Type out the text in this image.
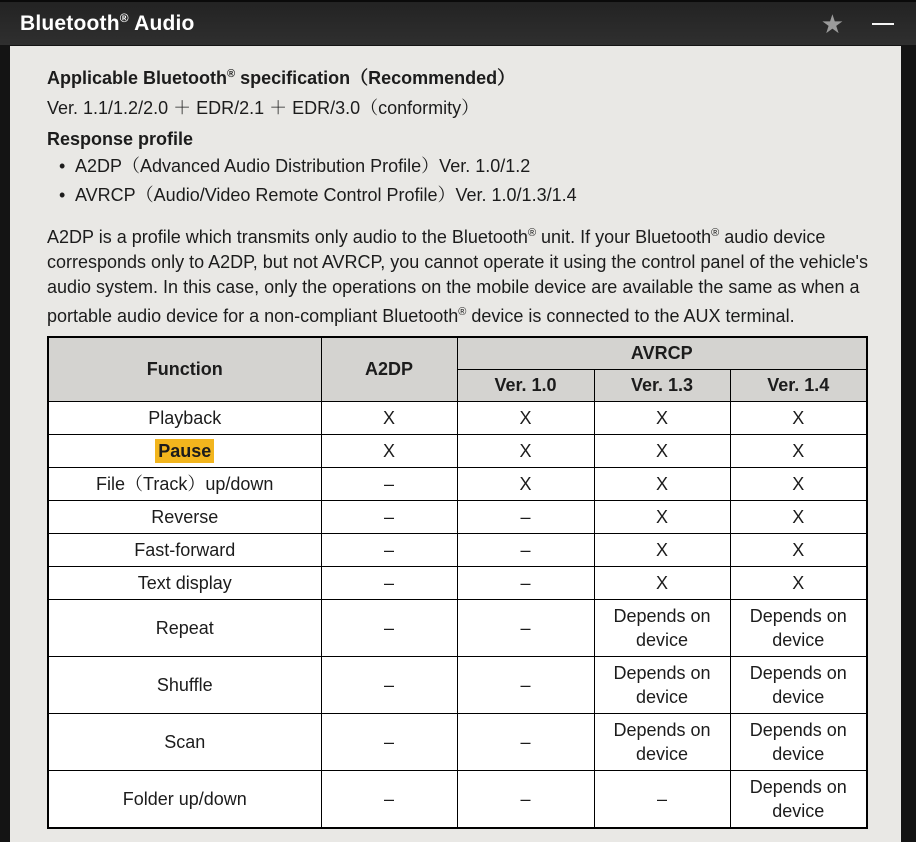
Bluetooth® Audio	★

Applicable Bluetooth® specification（Recommended）

Ver. 1.1/1.2/2.0 ＋ EDR/2.1 ＋ EDR/3.0（conformity）

Response profile

• A2DP（Advanced Audio Distribution Profile）Ver. 1.0/1.2
• AVRCP（Audio/Video Remote Control Profile）Ver. 1.0/1.3/1.4

A2DP is a profile which transmits only audio to the Bluetooth® unit. If your Bluetooth® audio device corresponds only to A2DP, but not AVRCP, you cannot operate it using the control panel of the vehicle's audio system. In this case, only the operations on the mobile device are available the same as when a portable audio device for a non-compliant Bluetooth® device is connected to the AUX terminal.

Function	A2DP	AVRCP		
		Ver. 1.0	Ver. 1.3	Ver. 1.4
Playback	X	X	X	X
Pause	X	X	X	X
File（Track）up/down	–	X	X	X
Reverse	–	–	X	X
Fast-forward	–	–	X	X
Text display	–	–	X	X
Repeat	–	–	Depends on device	Depends on device
Shuffle	–	–	Depends on device	Depends on device
Scan	–	–	Depends on device	Depends on device
Folder up/down	–	–	–	Depends on device
